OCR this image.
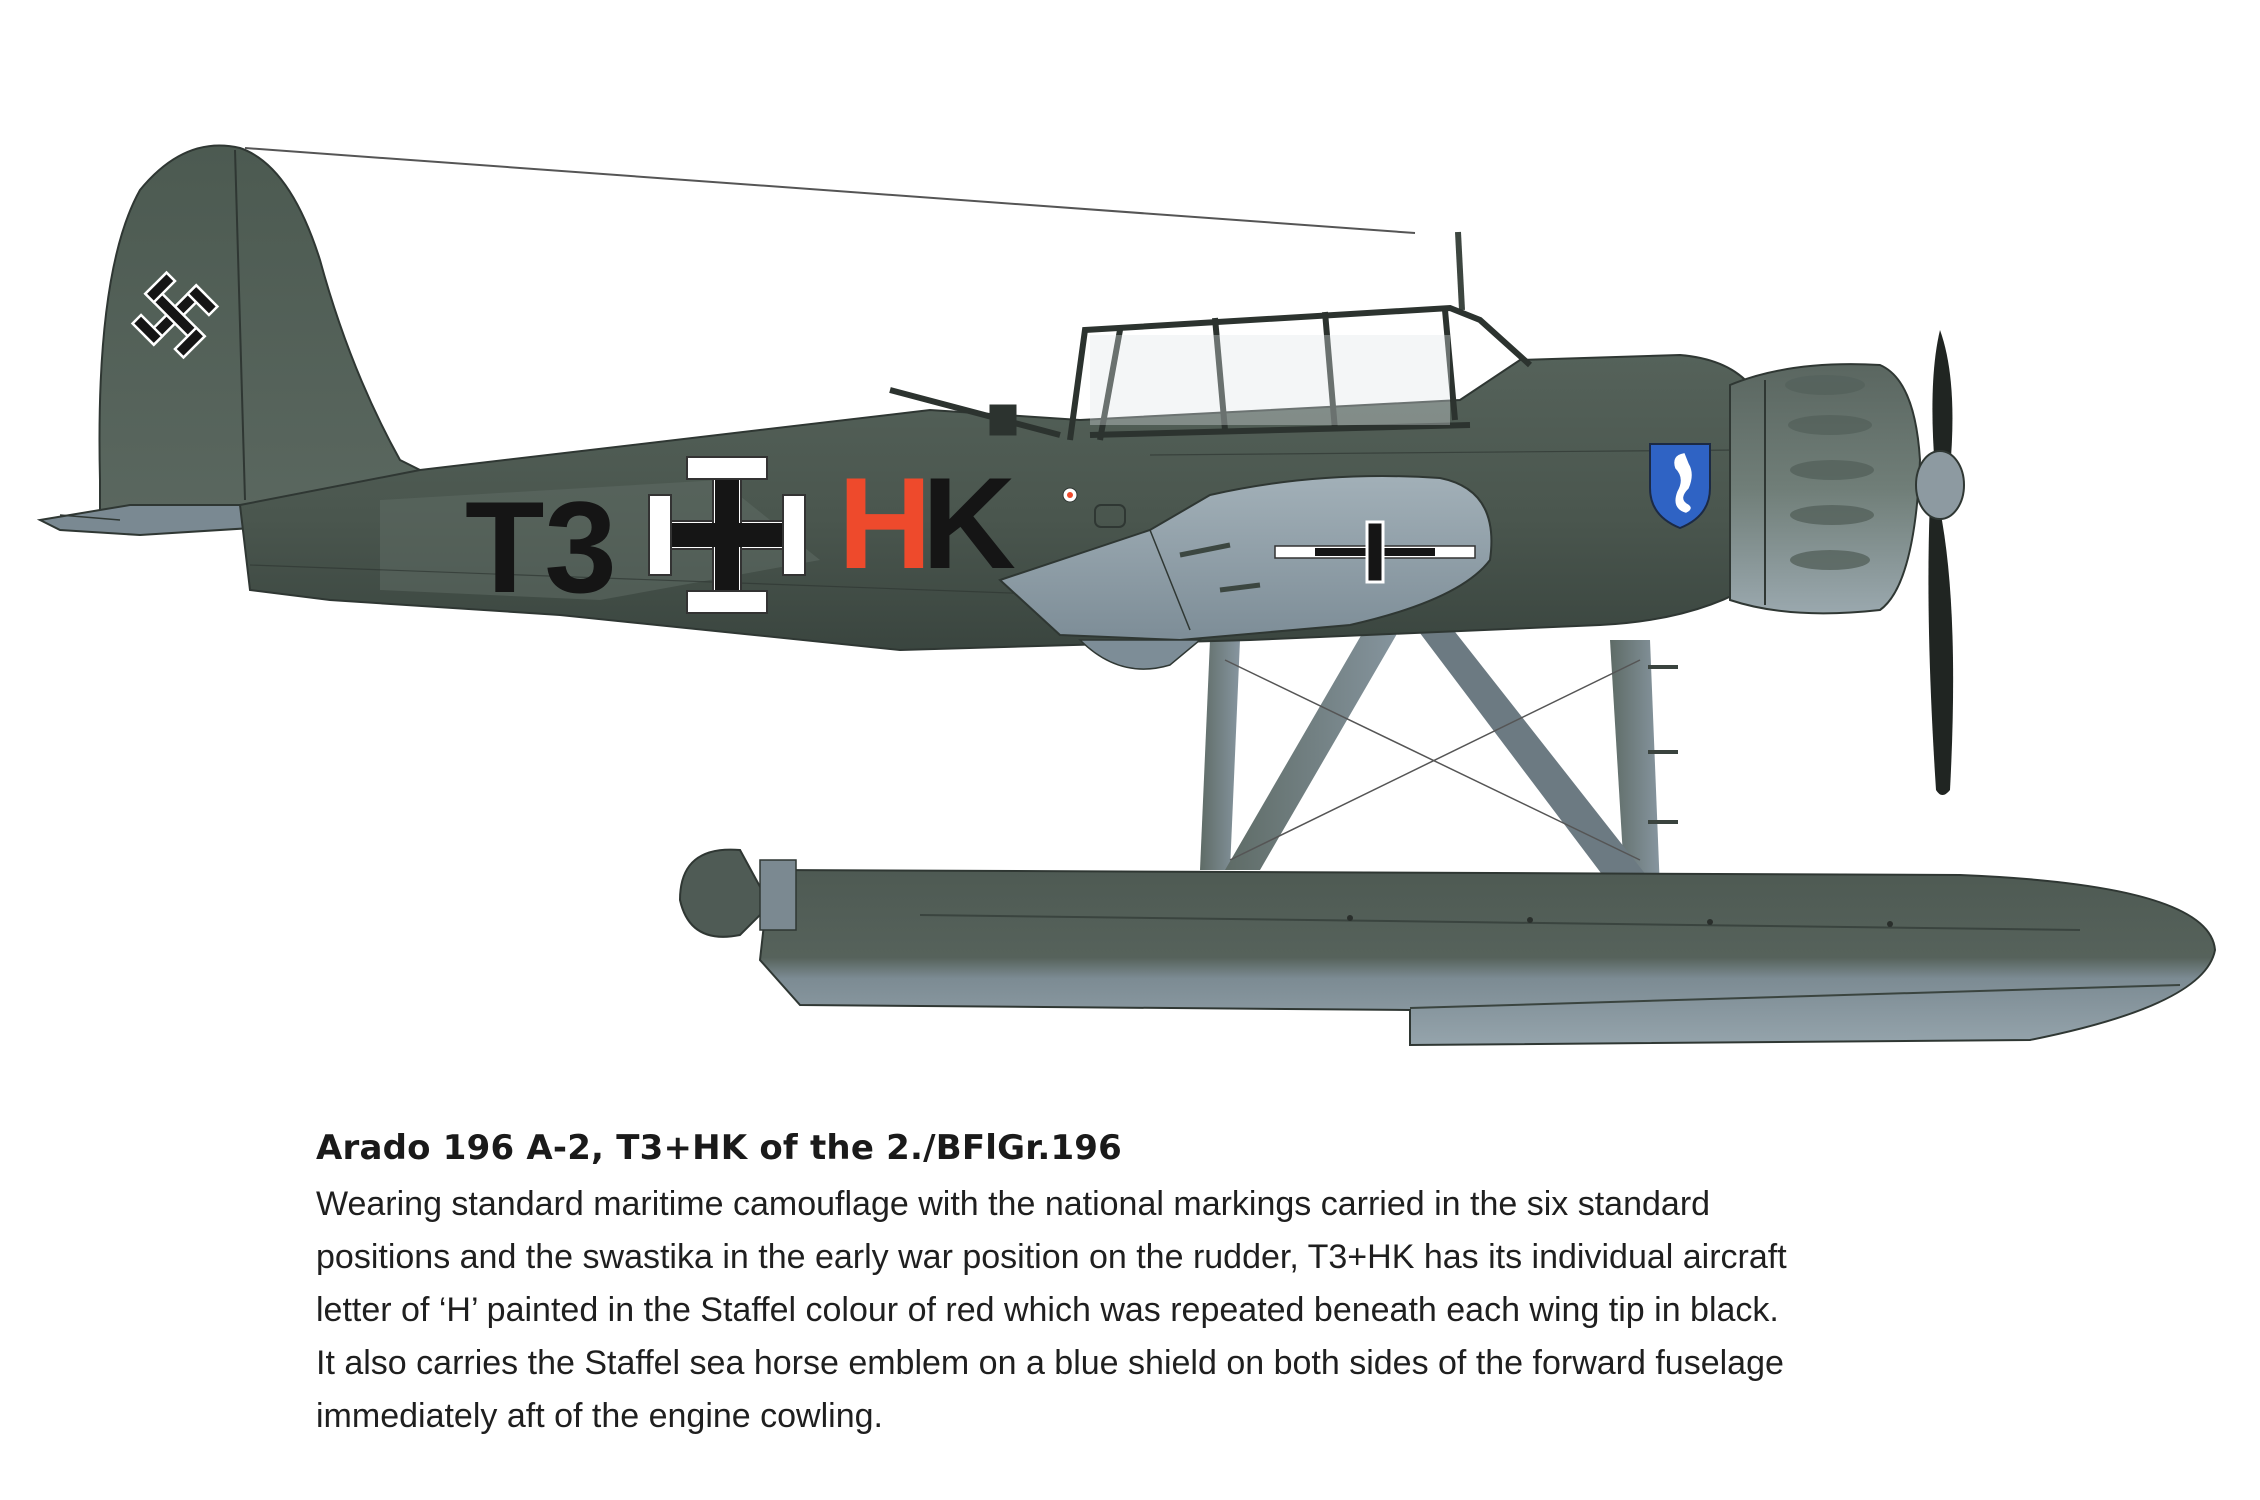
T3 H
K

Arado 196 A-2, T3+HK of the 2./BFlGr.196

Wearing standard maritime camouflage with the national markings carried in the six standard
positions and the swastika in the early war position on the rudder, T3+HK has its individual aircraft
letter of ‘H’ painted in the Staffel colour of red which was repeated beneath each wing tip in black.
It also carries the Staffel sea horse emblem on a blue shield on both sides of the forward fuselage
immediately aft of the engine cowling.
